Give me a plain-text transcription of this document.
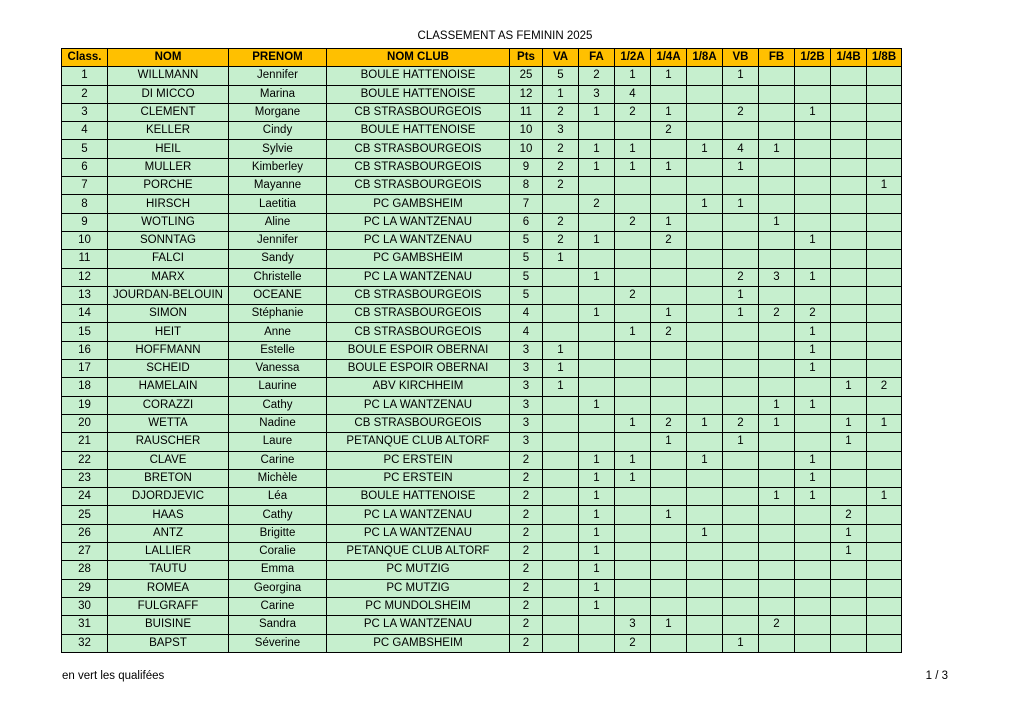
CLASSEMENT AS FEMININ 2025
Class.	NOM	PRENOM	NOM CLUB	Pts	VA	FA	1/2A	1/4A	1/8A	VB	FB	1/2B	1/4B	1/8B
1	WILLMANN	Jennifer	BOULE HATTENOISE	25	5	2	1	1		1				
2	DI MICCO	Marina	BOULE HATTENOISE	12	1	3	4							
3	CLEMENT	Morgane	CB STRASBOURGEOIS	11	2	1	2	1		2		1		
4	KELLER	Cindy	BOULE HATTENOISE	10	3			2						
5	HEIL	Sylvie	CB STRASBOURGEOIS	10	2	1	1		1	4	1			
6	MULLER	Kimberley	CB STRASBOURGEOIS	9	2	1	1	1		1				
7	PORCHE	Mayanne	CB STRASBOURGEOIS	8	2									1
8	HIRSCH	Laetitia	PC GAMBSHEIM	7		2			1	1				
9	WOTLING	Aline	PC LA WANTZENAU	6	2		2	1			1			
10	SONNTAG	Jennifer	PC LA WANTZENAU	5	2	1		2				1		
11	FALCI	Sandy	PC GAMBSHEIM	5	1									
12	MARX	Christelle	PC LA WANTZENAU	5		1				2	3	1		
13	JOURDAN-BELOUIN	OCEANE	CB STRASBOURGEOIS	5			2			1				
14	SIMON	Stéphanie	CB STRASBOURGEOIS	4		1		1		1	2	2		
15	HEIT	Anne	CB STRASBOURGEOIS	4			1	2				1		
16	HOFFMANN	Estelle	BOULE ESPOIR OBERNAI	3	1							1		
17	SCHEID	Vanessa	BOULE ESPOIR OBERNAI	3	1							1		
18	HAMELAIN	Laurine	ABV KIRCHHEIM	3	1								1	2
19	CORAZZI	Cathy	PC LA WANTZENAU	3		1					1	1		
20	WETTA	Nadine	CB STRASBOURGEOIS	3			1	2	1	2	1		1	1
21	RAUSCHER	Laure	PETANQUE CLUB ALTORF	3				1		1			1	
22	CLAVE	Carine	PC ERSTEIN	2		1	1		1			1		
23	BRETON	Michèle	PC ERSTEIN	2		1	1					1		
24	DJORDJEVIC	Léa	BOULE HATTENOISE	2		1					1	1		1
25	HAAS	Cathy	PC LA WANTZENAU	2		1		1					2	
26	ANTZ	Brigitte	PC LA WANTZENAU	2		1			1				1	
27	LALLIER	Coralie	PETANQUE CLUB ALTORF	2		1							1	
28	TAUTU	Emma	PC MUTZIG	2		1								
29	ROMEA	Georgina	PC MUTZIG	2		1								
30	FULGRAFF	Carine	PC MUNDOLSHEIM	2		1								
31	BUISINE	Sandra	PC LA WANTZENAU	2			3	1			2			
32	BAPST	Séverine	PC GAMBSHEIM	2			2			1				
en vert les qualifées	1 / 3
